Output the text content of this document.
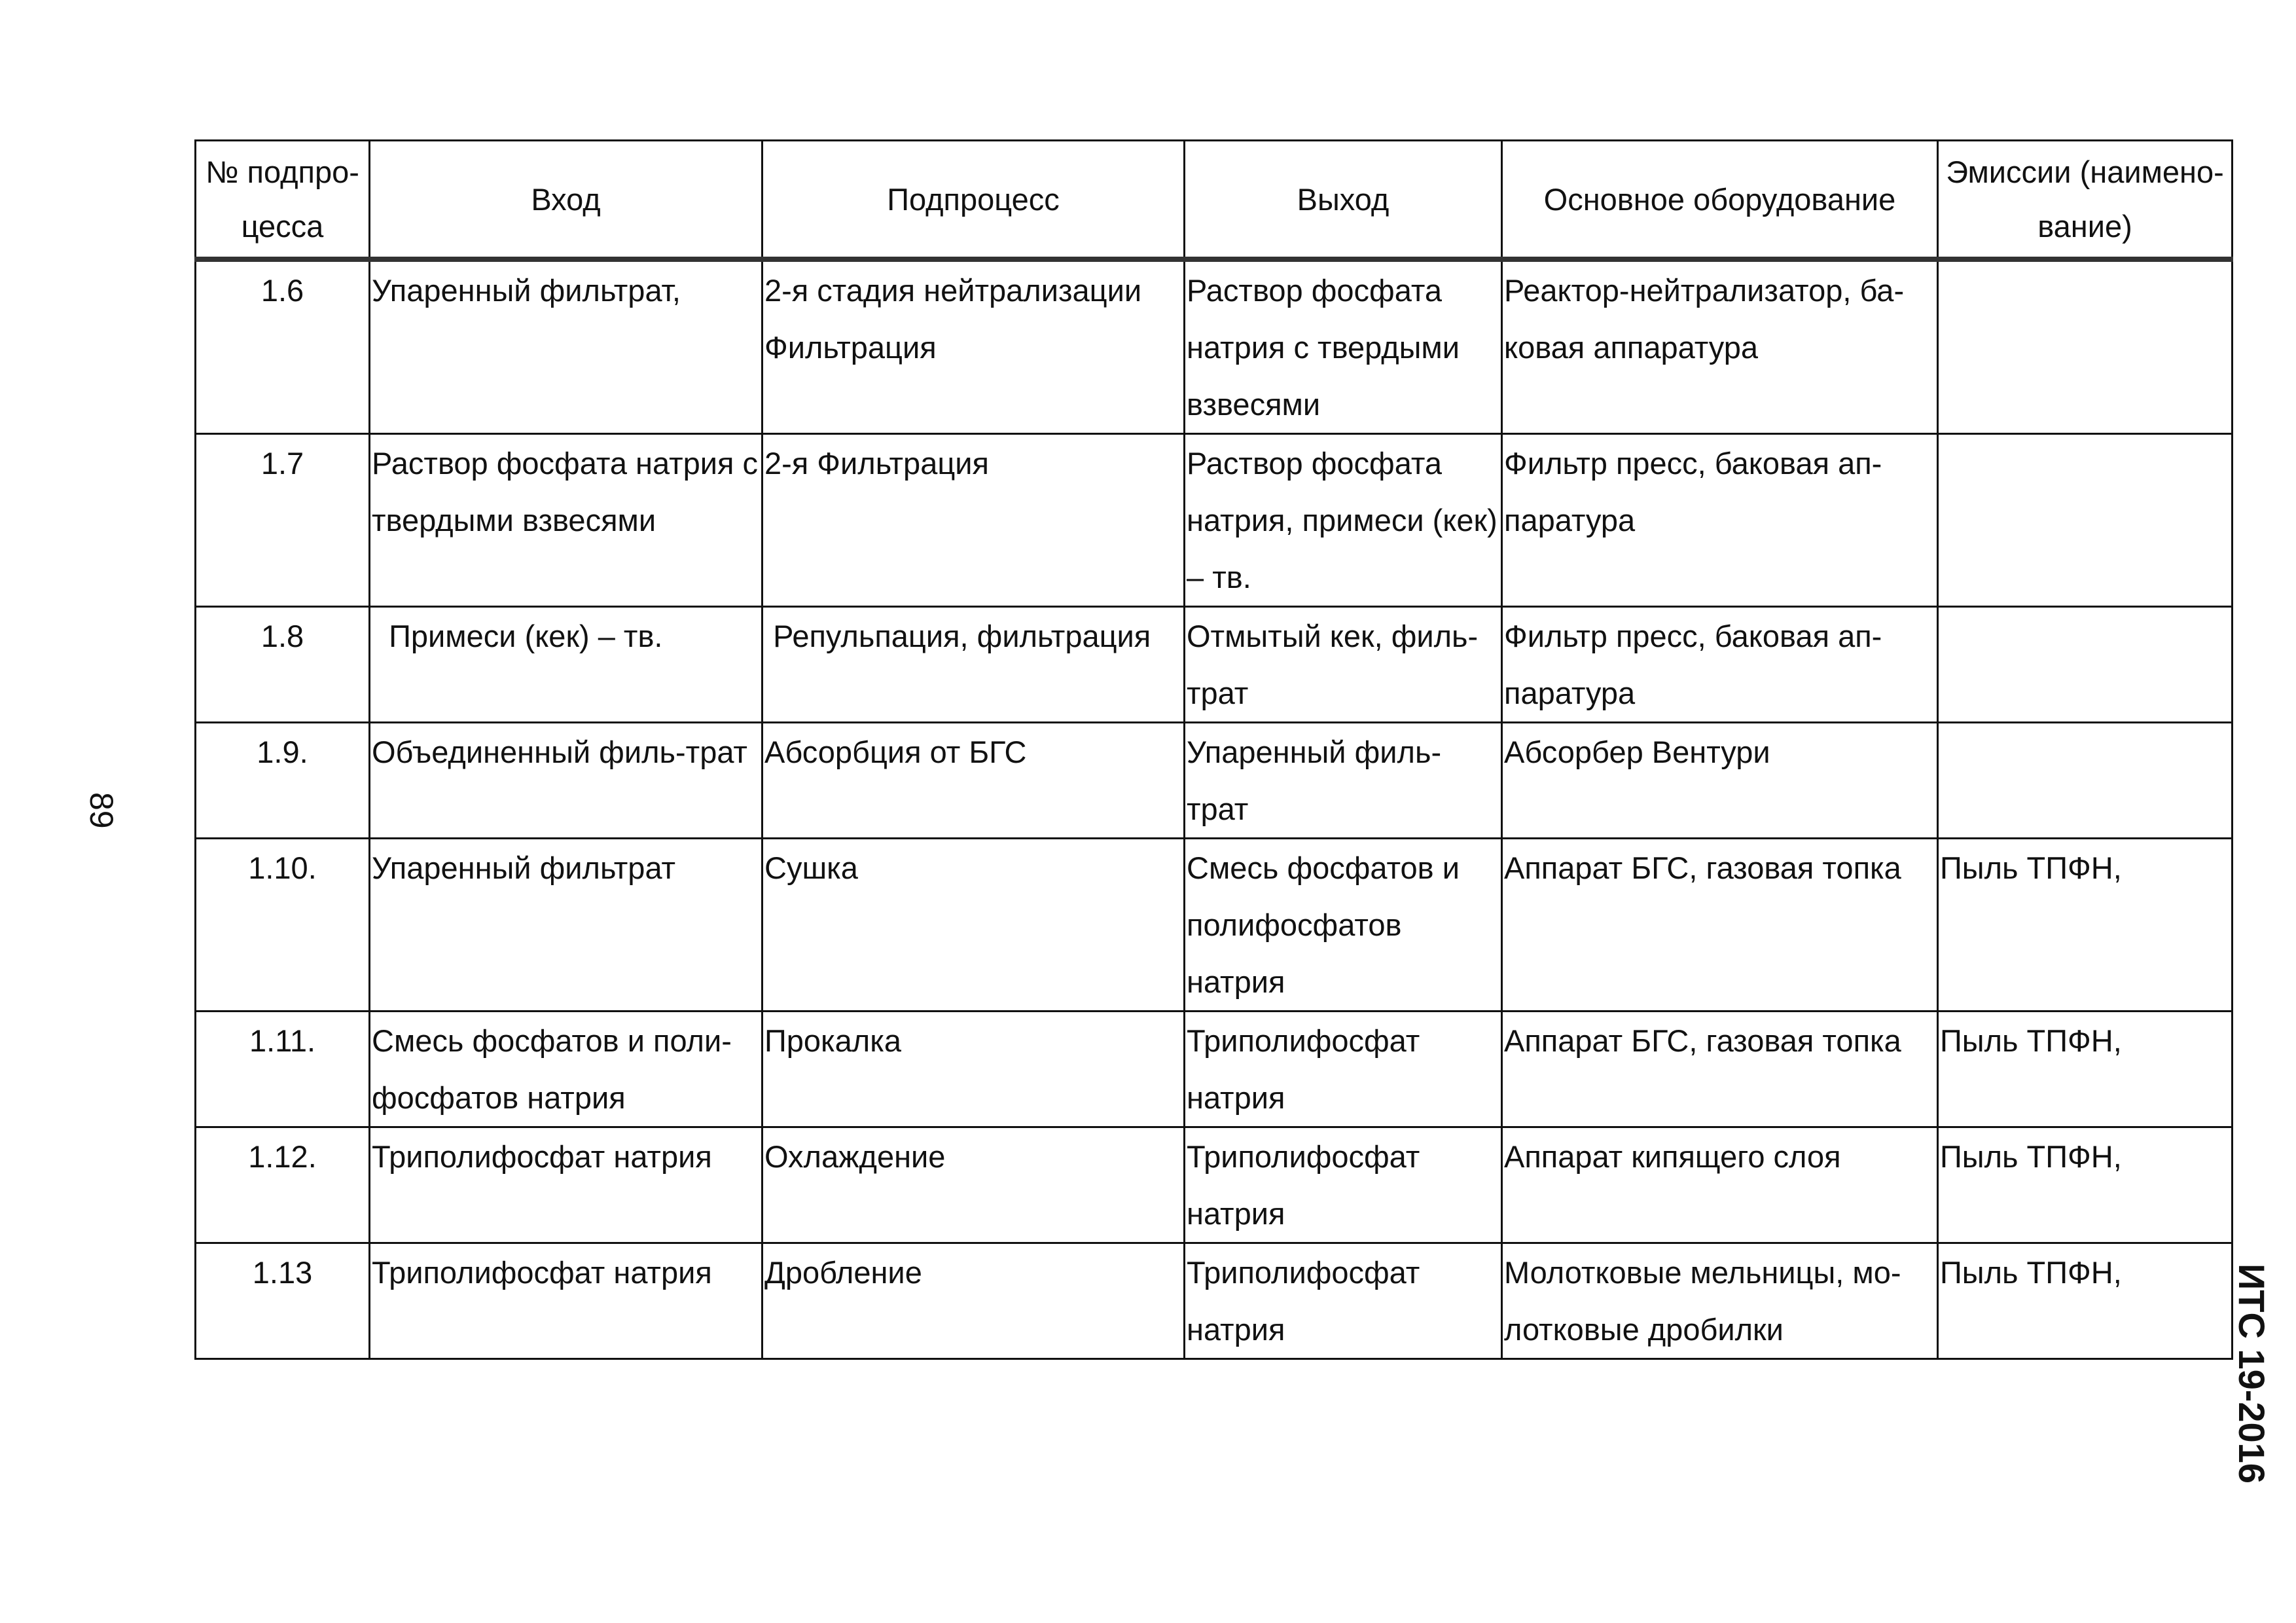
№ подпро-цесса	Вход	Подпроцесс	Выход	Основное оборудование	Эмиссии (наимено-вание)
1.6	Упаренный фильтрат,	2-я стадия нейтрализации Фильтрация	Раствор фосфата натрия с твердыми взвесями	Реактор-нейтрализатор, ба-ковая аппаратура	
1.7	Раствор фосфата натрия с твердыми взвесями	2-я Фильтрация	Раствор фосфата натрия, примеси (кек) – тв.	Фильтр пресс, баковая ап-паратура	
1.8	Примеси (кек) – тв.	Репульпация, фильтрация	Отмытый кек, филь-трат	Фильтр пресс, баковая ап-паратура	
1.9.	Объединенный филь-трат	Абсорбция от БГС	Упаренный филь-трат	Абсорбер Вентури	
1.10.	Упаренный фильтрат	Сушка	Смесь фосфатов и полифосфатов натрия	Аппарат БГС, газовая топка	Пыль ТПФН,
1.11.	Смесь фосфатов и поли-фосфатов натрия	Прокалка	Триполифосфат натрия	Аппарат БГС, газовая топка	Пыль ТПФН,
1.12.	Триполифосфат натрия	Охлаждение	Триполифосфат натрия	Аппарат кипящего слоя	Пыль ТПФН,
1.13	Триполифосфат натрия	Дробление	Триполифосфат натрия	Молотковые мельницы, мо-лотковые дробилки	Пыль ТПФН,
89
ИТС 19-2016
